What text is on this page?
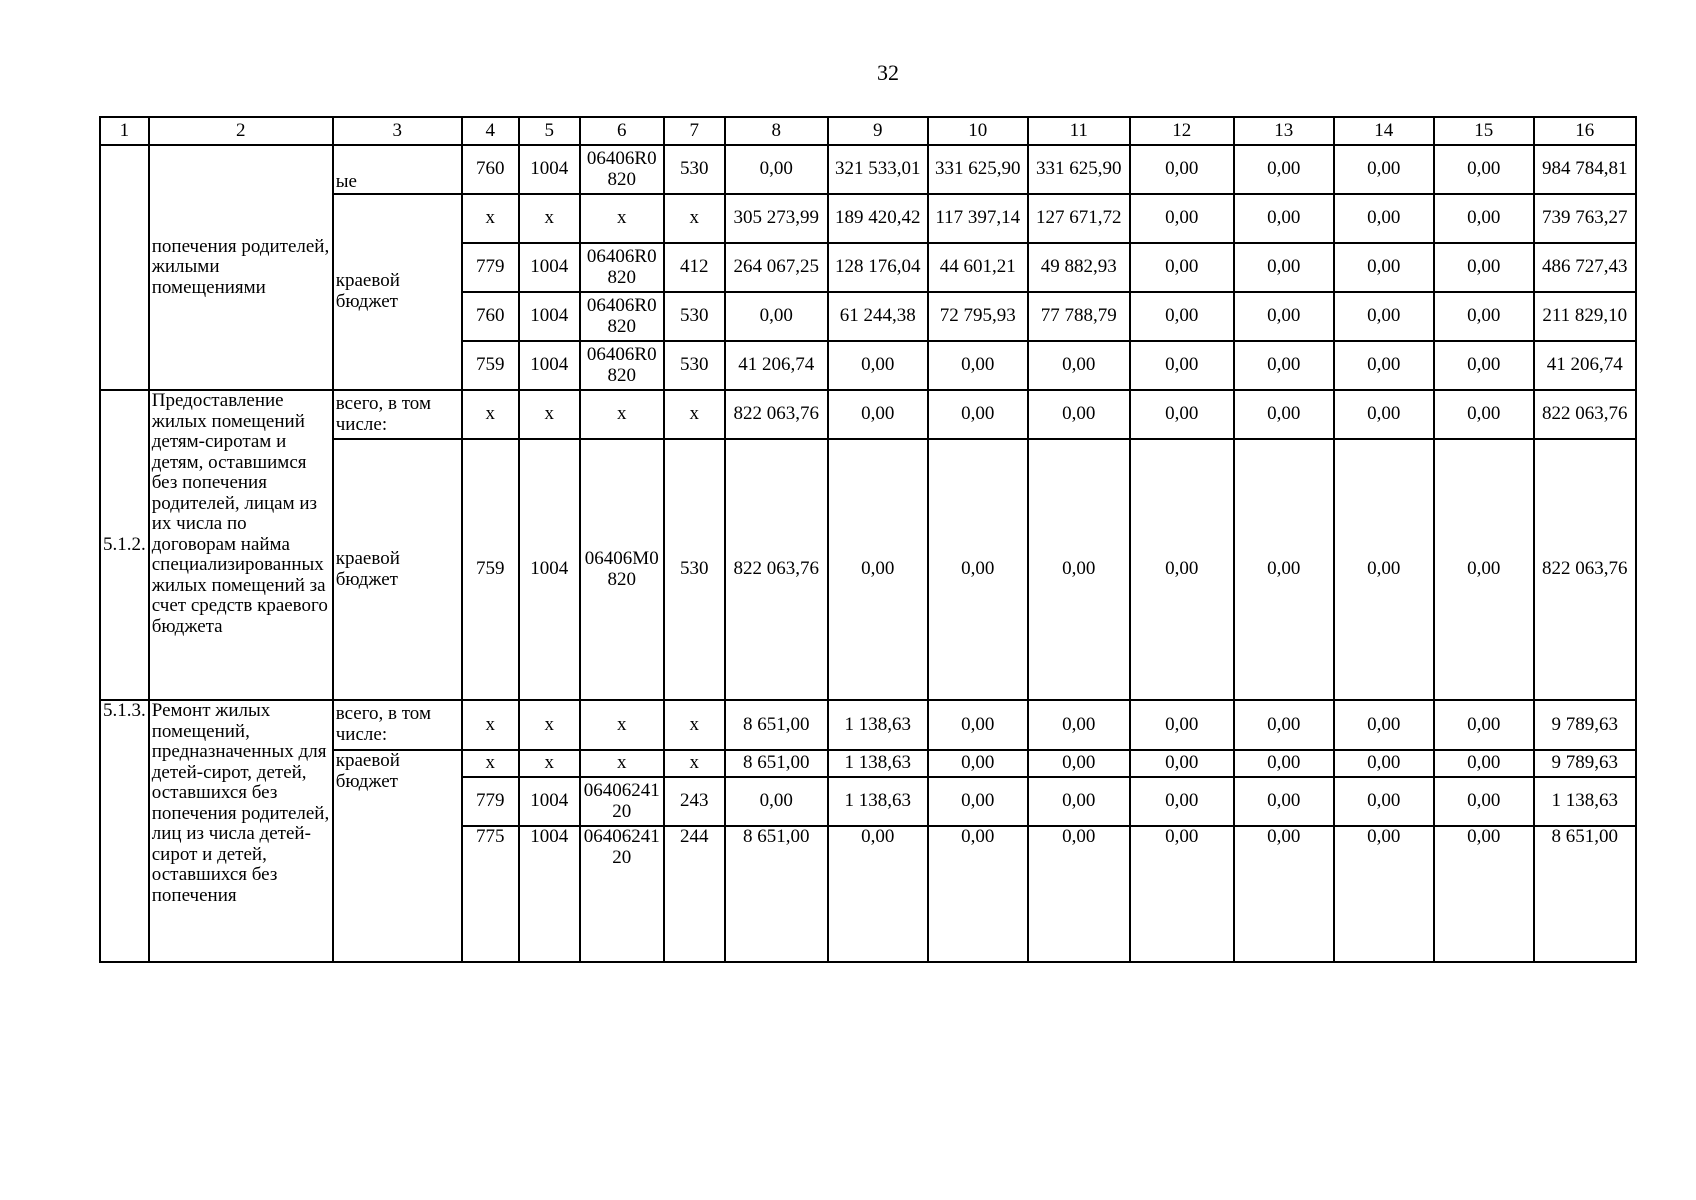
32
1	2	3	4	5	6	7	8	9	10	11	12	13	14	15	16
	попечения родителей, жилыми помещениями	ые	760	1004	06406R0820	530	0,00	321 533,01	331 625,90	331 625,90	0,00	0,00	0,00	0,00	984 784,81
		краевой бюджет	x	x	x	x	305 273,99	189 420,42	117 397,14	127 671,72	0,00	0,00	0,00	0,00	739 763,27
			779	1004	06406R0820	412	264 067,25	128 176,04	44 601,21	49 882,93	0,00	0,00	0,00	0,00	486 727,43
			760	1004	06406R0820	530	0,00	61 244,38	72 795,93	77 788,79	0,00	0,00	0,00	0,00	211 829,10
			759	1004	06406R0820	530	41 206,74	0,00	0,00	0,00	0,00	0,00	0,00	0,00	41 206,74
5.1.2.	Предоставление жилых помещений детям-сиротам и детям, оставшимся без попечения родителей, лицам из их числа по договорам найма специализированных жилых помещений за счет средств краевого бюджета	всего, в том числе:	x	x	x	x	822 063,76	0,00	0,00	0,00	0,00	0,00	0,00	0,00	822 063,76
		краевой бюджет	759	1004	06406M0820	530	822 063,76	0,00	0,00	0,00	0,00	0,00	0,00	0,00	822 063,76
5.1.3.	Ремонт жилых помещений, предназначенных для детей-сирот, детей, оставшихся без попечения родителей, лиц из числа детей-сирот и детей, оставшихся без попечения	всего, в том числе:	x	x	x	x	8 651,00	1 138,63	0,00	0,00	0,00	0,00	0,00	0,00	9 789,63
		краевой бюджет	x	x	x	x	8 651,00	1 138,63	0,00	0,00	0,00	0,00	0,00	0,00	9 789,63
			779	1004	0640624120	243	0,00	1 138,63	0,00	0,00	0,00	0,00	0,00	0,00	1 138,63
			775	1004	0640624120	244	8 651,00	0,00	0,00	0,00	0,00	0,00	0,00	0,00	8 651,00
